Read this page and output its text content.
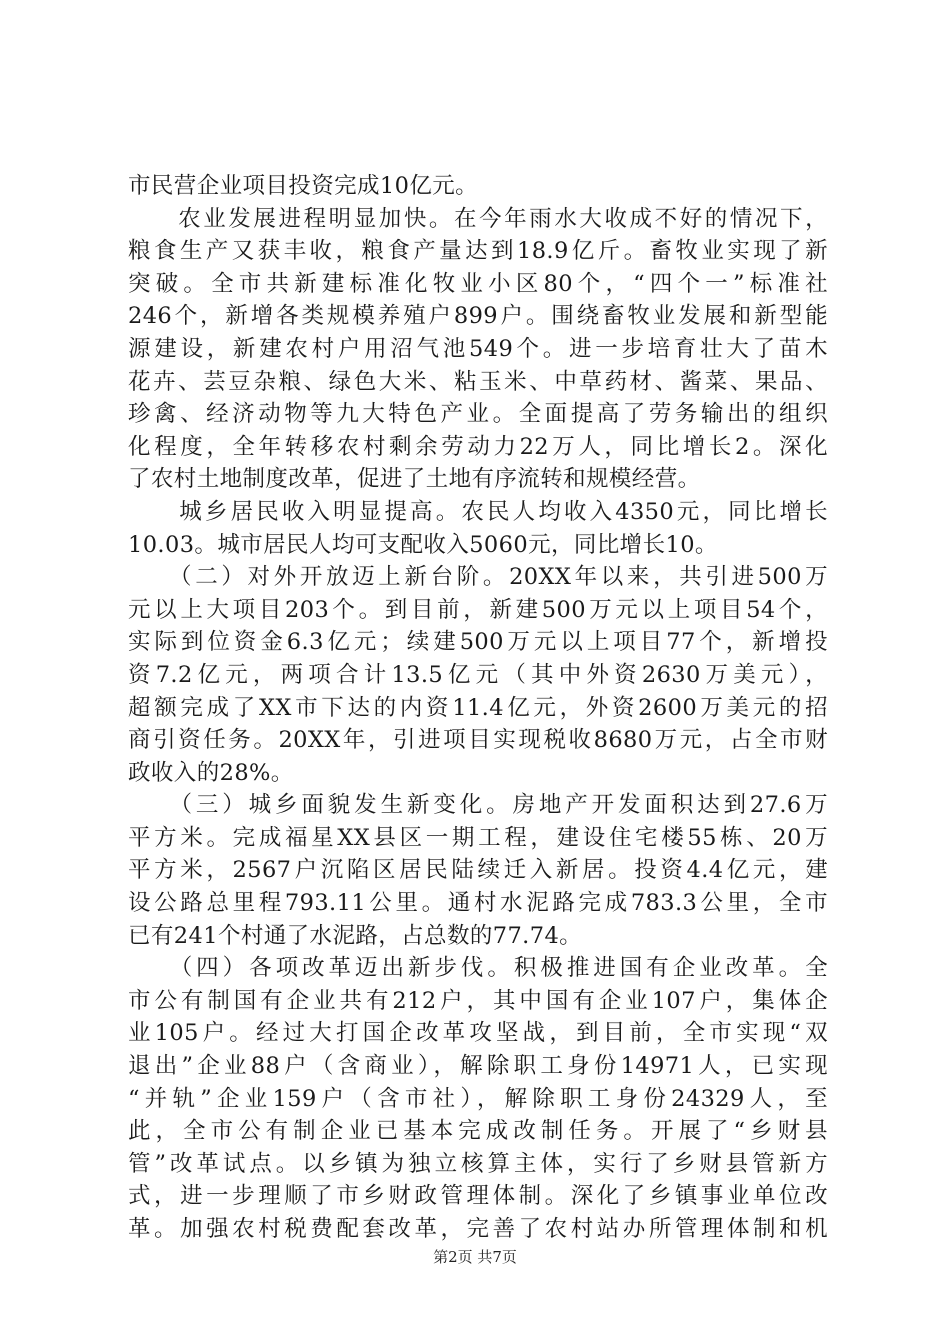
市民营企业项目投资完成10亿元。
　　农业发展进程明显加快。在今年雨水大收成不好的情况下，
粮食生产又获丰收，粮食产量达到18.9亿斤。畜牧业实现了新
突破。全市共新建标准化牧业小区80个，“四个一”标准社
246个，新增各类规模养殖户899户。围绕畜牧业发展和新型能
源建设，新建农村户用沼气池549个。进一步培育壮大了苗木
花卉、芸豆杂粮、绿色大米、粘玉米、中草药材、酱菜、果品、
珍禽、经济动物等九大特色产业。全面提高了劳务输出的组织
化程度，全年转移农村剩余劳动力22万人，同比增长2。深化
了农村土地制度改革，促进了土地有序流转和规模经营。
　　城乡居民收入明显提高。农民人均收入4350元，同比增长
10.03。城市居民人均可支配收入5060元，同比增长10。
　　（二）对外开放迈上新台阶。20XX年以来，共引进500万
元以上大项目203个。到目前，新建500万元以上项目54个，
实际到位资金6.3亿元；续建500万元以上项目77个，新增投
资7.2亿元，两项合计13.5亿元（其中外资2630万美元），
超额完成了XX市下达的内资11.4亿元，外资2600万美元的招
商引资任务。20XX年，引进项目实现税收8680万元，占全市财
政收入的28%。
　　（三）城乡面貌发生新变化。房地产开发面积达到27.6万
平方米。完成福星XX县区一期工程，建设住宅楼55栋、20万
平方米，2567户沉陷区居民陆续迁入新居。投资4.4亿元，建
设公路总里程793.11公里。通村水泥路完成783.3公里，全市
已有241个村通了水泥路，占总数的77.74。
　　（四）各项改革迈出新步伐。积极推进国有企业改革。全
市公有制国有企业共有212户，其中国有企业107户，集体企
业105户。经过大打国企改革攻坚战，到目前，全市实现“双
退出”企业88户（含商业），解除职工身份14971人，已实现
“并轨”企业159户（含市社），解除职工身份24329人，至
此，全市公有制企业已基本完成改制任务。开展了“乡财县
管”改革试点。以乡镇为独立核算主体，实行了乡财县管新方
式，进一步理顺了市乡财政管理体制。深化了乡镇事业单位改
革。加强农村税费配套改革，完善了农村站办所管理体制和机
第2页 共7页
